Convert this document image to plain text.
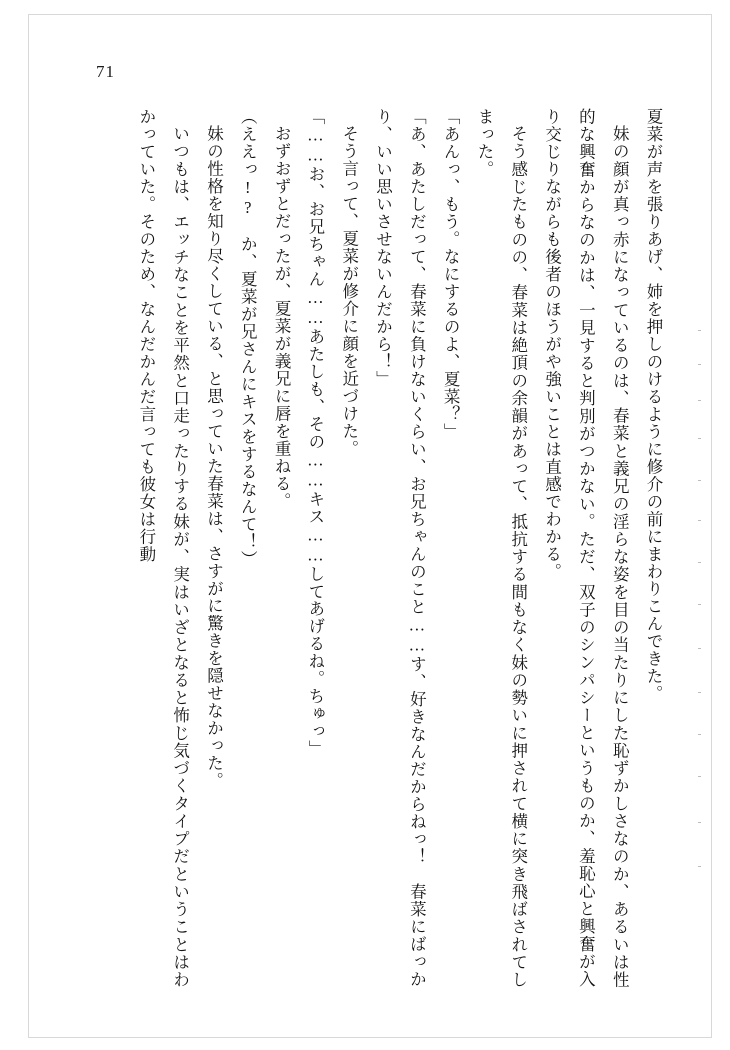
71

夏菜が声を張りあげ、姉を押しのけるように修介の前にまわりこんできた。

妹の顔が真っ赤になっているのは、春菜と義兄の淫らな姿を目の当たりにした恥ずかしさなのか、あるいは性的な興奮からなのかは、一見すると判別がつかない。ただ、双子のシンパシーというものか、羞恥心と興奮が入り交じりながらも後者のほうがや強いことは直感でわかる。

そう感じたものの、春菜は絶頂の余韻があって、抵抗する間もなく妹の勢いに押されて横に突き飛ばされてしまった。

「あんっ、もう。なにするのよ、夏菜？」

「あ、あたしだって、春菜に負けないくらい、お兄ちゃんのこと……す、好きなんだからねっ！　春菜にばっかり、いい思いさせないんだから！」

そう言って、夏菜が修介に顔を近づけた。

「……お、お兄ちゃん……あたしも、その……キス……してあげるね。ちゅっ」

おずおずとだったが、夏菜が義兄に唇を重ねる。

（ええっ!?　か、夏菜が兄さんにキスをするなんて！）

妹の性格を知り尽くしている、と思っていた春菜は、さすがに驚きを隠せなかった。

いつもは、エッチなことを平然と口走ったりする妹が、実はいざとなると怖じ気づくタイプだということはわかっていた。そのため、なんだかんだ言っても彼女は行動
